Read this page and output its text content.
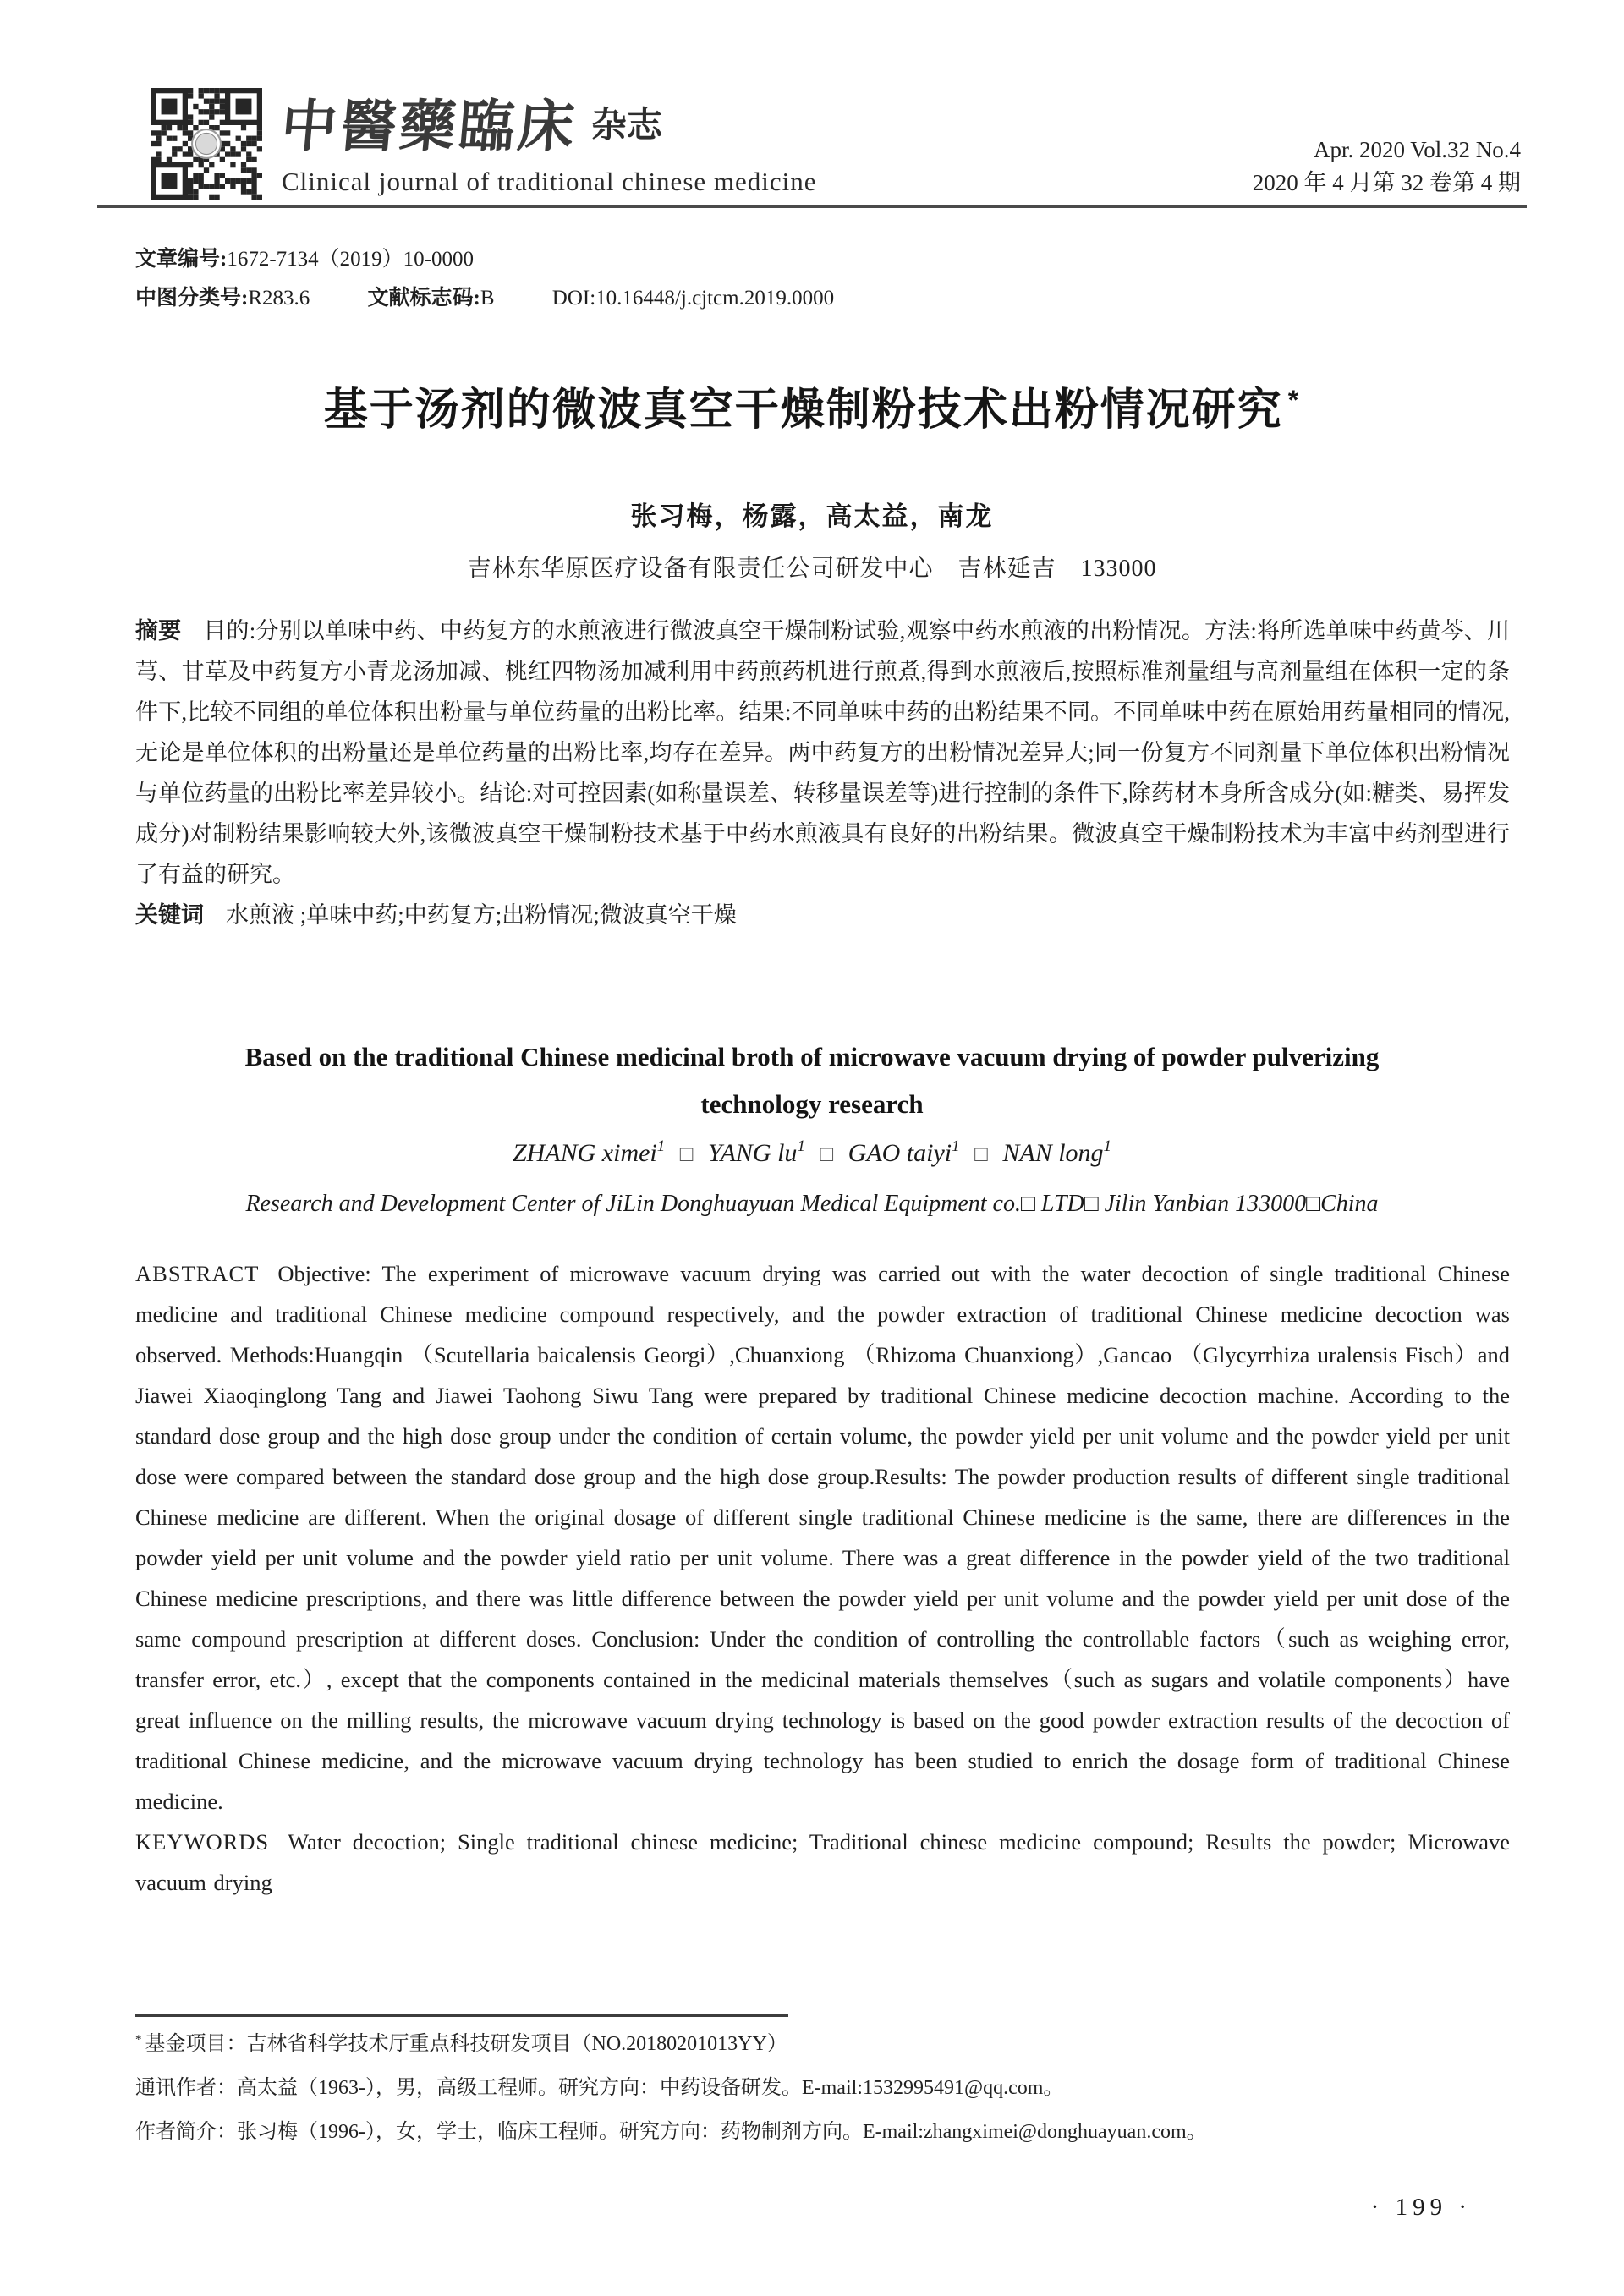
中醫藥臨床 杂志
Clinical journal of traditional chinese medicine
Apr. 2020 Vol.32 No.4
2020 年 4 月第 32 卷第 4 期
文章编号:1672-7134（2019）10-0000
中图分类号:R283.6	文献标志码:B	DOI:10.16448/j.cjtcm.2019.0000
基于汤剂的微波真空干燥制粉技术出粉情况研究 *
张习梅，杨露，高太益，南龙
吉林东华原医疗设备有限责任公司研发中心　吉林延吉　133000

摘要 目的:分别以单味中药、中药复方的水煎液进行微波真空干燥制粉试验,观察中药水煎液的出粉情况。方法:将所选单味中药黄芩、川芎、甘草及中药复方小青龙汤加减、桃红四物汤加减利用中药煎药机进行煎煮,得到水煎液后,按照标准剂量组与高剂量组在体积一定的条件下,比较不同组的单位体积出粉量与单位药量的出粉比率。结果:不同单味中药的出粉结果不同。不同单味中药在原始用药量相同的情况,无论是单位体积的出粉量还是单位药量的出粉比率,均存在差异。两中药复方的出粉情况差异大;同一份复方不同剂量下单位体积出粉情况与单位药量的出粉比率差异较小。结论:对可控因素(如称量误差、转移量误差等)进行控制的条件下,除药材本身所含成分(如:糖类、易挥发成分)对制粉结果影响较大外,该微波真空干燥制粉技术基于中药水煎液具有良好的出粉结果。微波真空干燥制粉技术为丰富中药剂型进行了有益的研究。

关键词 水煎液 ;单味中药;中药复方;出粉情况;微波真空干燥

Based on the traditional Chinese medicinal broth of microwave vacuum drying of powder pulverizing
technology research
ZHANG ximei$^1$ □ YANG $lu^1$ □ GAO taiyi$^1$ □ NAN long$^1$
Research and Development Center of JiLin Donghuayuan Medical Equipment co.□ LTD□ Jilin Yanbian 133000□China

ABSTRACT Objective: The experiment of microwave vacuum drying was carried out with the water decoction of single traditional Chinese medicine and traditional Chinese medicine compound respectively, and the powder extraction of traditional Chinese medicine decoction was observed. Methods:Huangqin （Scutellaria baicalensis Georgi）,Chuanxiong （Rhizoma Chuanxiong）,Gancao （Glycyrrhiza uralensis Fisch）and Jiawei Xiaoqinglong Tang and Jiawei Taohong Siwu Tang were prepared by traditional Chinese medicine decoction machine. According to the standard dose group and the high dose group under the condition of certain volume, the powder yield per unit volume and the powder yield per unit dose were compared between the standard dose group and the high dose group.Results: The powder production results of different single traditional Chinese medicine are different. When the original dosage of different single traditional Chinese medicine is the same, there are differences in the powder yield per unit volume and the powder yield ratio per unit volume. There was a great difference in the powder yield of the two traditional Chinese medicine prescriptions, and there was little difference between the powder yield per unit volume and the powder yield per unit dose of the same compound prescription at different doses. Conclusion: Under the condition of controlling the controllable factors（such as weighing error, transfer error, etc.）, except that the components contained in the medicinal materials themselves（such as sugars and volatile components）have great influence on the milling results, the microwave vacuum drying technology is based on the good powder extraction results of the decoction of traditional Chinese medicine, and the microwave vacuum drying technology has been studied to enrich the dosage form of traditional Chinese medicine.

KEYWORDS Water decoction; Single traditional chinese medicine; Traditional chinese medicine compound; Results the powder; Microwave vacuum drying

* 基金项目：吉林省科学技术厅重点科技研发项目（NO.20180201013YY）
通讯作者：高太益（1963-），男，高级工程师。研究方向：中药设备研发。E-mail:1532995491@qq.com。
作者简介：张习梅（1996-），女，学士，临床工程师。研究方向：药物制剂方向。E-mail:zhangximei@donghuayuan.com。
· 199 ·
